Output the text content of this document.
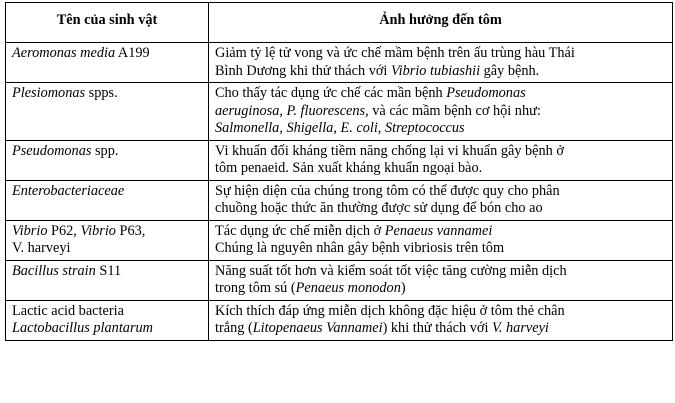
Tên của sinh vật	Ảnh hưởng đến tôm

Aeromonas media A199	Giảm tỷ lệ tử vong và ức chế mầm bệnh trên ấu trùng hàu Thái
Bình Dương khi thử thách với Vibrio tubiashii gây bệnh.

Plesiomonas spps.	Cho thấy tác dụng ức chế các mần bệnh Pseudomonas
aeruginosa, P. fluorescens, và các mầm bệnh cơ hội như:
Salmonella, Shigella, E. coli, Streptococcus

Pseudomonas spp.	Vi khuẩn đối kháng tiềm năng chống lại vi khuẩn gây bệnh ở
tôm penaeid. Sản xuất kháng khuẩn ngoại bào.

Enterobacteriaceae	Sự hiện diện của chúng trong tôm có thể được quy cho phân
chuồng hoặc thức ăn thường được sử dụng để bón cho ao

Vibrio P62, Vibrio P63,
V. harveyi	Tác dụng ức chế miễn dịch ở Penaeus vannamei
Chúng là nguyên nhân gây bệnh vibriosis trên tôm

Bacillus strain S11	Năng suất tốt hơn và kiểm soát tốt việc tăng cường miễn dịch
trong tôm sú (Penaeus monodon)

Lactic acid bacteria
Lactobacillus plantarum	Kích thích đáp ứng miễn dịch không đặc hiệu ở tôm thẻ chân
trắng (Litopenaeus Vannamei) khi thử thách với V. harveyi
